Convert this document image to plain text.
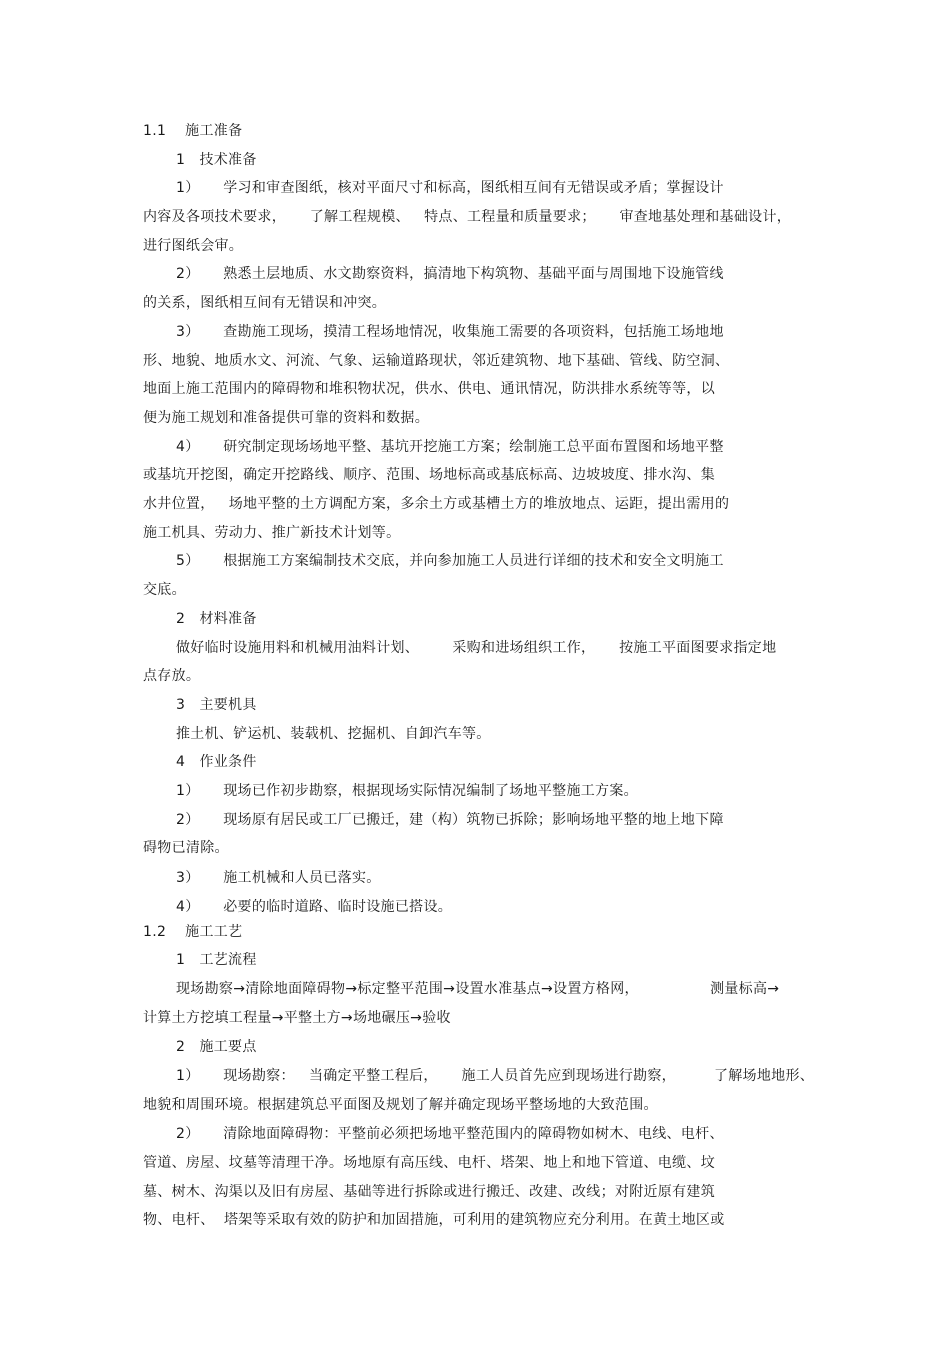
1.1    施工准备
1   技术准备
1）     学习和审查图纸，核对平面尺寸和标高，图纸相互间有无错误或矛盾；掌握设计
内容及各项技术要求，     了解工程规模、   特点、工程量和质量要求；     审查地基处理和基础设计，
进行图纸会审。
2）     熟悉土层地质、水文勘察资料，搞清地下构筑物、基础平面与周围地下设施管线
的关系，图纸相互间有无错误和冲突。
3）     查勘施工现场，摸清工程场地情况，收集施工需要的各项资料，包括施工场地地
形、地貌、地质水文、河流、气象、运输道路现状，邻近建筑物、地下基础、管线、防空洞、
地面上施工范围内的障碍物和堆积物状况，供水、供电、通讯情况，防洪排水系统等等，以
便为施工规划和准备提供可靠的资料和数据。
4）     研究制定现场场地平整、基坑开挖施工方案；绘制施工总平面布置图和场地平整
或基坑开挖图，确定开挖路线、顺序、范围、场地标高或基底标高、边坡坡度、排水沟、集
水井位置，   场地平整的土方调配方案，多余土方或基槽土方的堆放地点、运距，提出需用的
施工机具、劳动力、推广新技术计划等。
5）     根据施工方案编制技术交底，并向参加施工人员进行详细的技术和安全文明施工
交底。
2   材料准备
做好临时设施用料和机械用油料计划、       采购和进场组织工作，     按施工平面图要求指定地
点存放。
3   主要机具
推土机、铲运机、装载机、挖掘机、自卸汽车等。
4   作业条件
1）     现场已作初步勘察，根据现场实际情况编制了场地平整施工方案。
2）     现场原有居民或工厂已搬迁，建（构）筑物已拆除；影响场地平整的地上地下障
碍物已清除。
3）     施工机械和人员已落实。
4）     必要的临时道路、临时设施已搭设。
1.2    施工工艺
1   工艺流程
现场勘察→清除地面障碍物→标定整平范围→设置水准基点→设置方格网，               测量标高→
计算土方挖填工程量→平整土方→场地碾压→验收
2   施工要点
1）     现场勘察：   当确定平整工程后，     施工人员首先应到现场进行勘察，        了解场地地形、
地貌和周围环境。根据建筑总平面图及规划了解并确定现场平整场地的大致范围。
2）     清除地面障碍物：平整前必须把场地平整范围内的障碍物如树木、电线、电杆、
管道、房屋、坟墓等清理干净。场地原有高压线、电杆、塔架、地上和地下管道、电缆、坟
墓、树木、沟渠以及旧有房屋、基础等进行拆除或进行搬迁、改建、改线；对附近原有建筑
物、电杆、  塔架等采取有效的防护和加固措施，可利用的建筑物应充分利用。在黄土地区或
